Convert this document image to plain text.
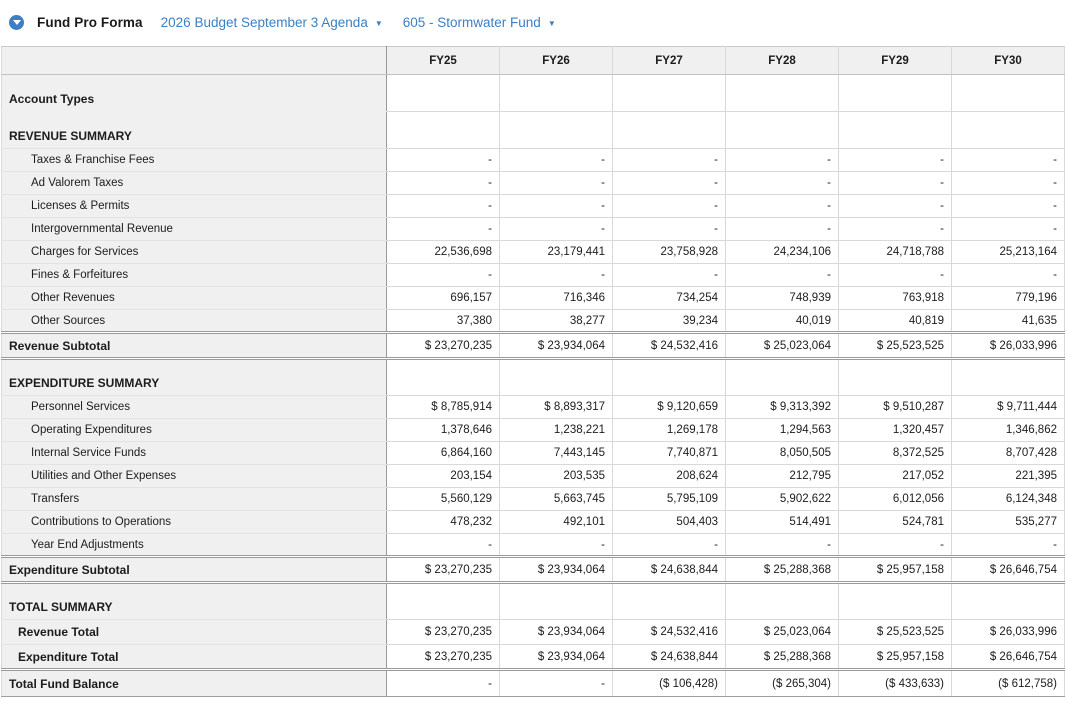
Fund Pro Forma 2026 Budget September 3 Agenda ▼ 605 - Stormwater Fund ▼
	FY25	FY26	FY27	FY28	FY29	FY30
Account Types						
REVENUE SUMMARY						
Taxes & Franchise Fees	-	-	-	-	-	-
Ad Valorem Taxes	-	-	-	-	-	-
Licenses & Permits	-	-	-	-	-	-
Intergovernmental Revenue	-	-	-	-	-	-
Charges for Services	22,536,698	23,179,441	23,758,928	24,234,106	24,718,788	25,213,164
Fines & Forfeitures	-	-	-	-	-	-
Other Revenues	696,157	716,346	734,254	748,939	763,918	779,196
Other Sources	37,380	38,277	39,234	40,019	40,819	41,635
Revenue Subtotal	$ 23,270,235	$ 23,934,064	$ 24,532,416	$ 25,023,064	$ 25,523,525	$ 26,033,996
EXPENDITURE SUMMARY						
Personnel Services	$ 8,785,914	$ 8,893,317	$ 9,120,659	$ 9,313,392	$ 9,510,287	$ 9,711,444
Operating Expenditures	1,378,646	1,238,221	1,269,178	1,294,563	1,320,457	1,346,862
Internal Service Funds	6,864,160	7,443,145	7,740,871	8,050,505	8,372,525	8,707,428
Utilities and Other Expenses	203,154	203,535	208,624	212,795	217,052	221,395
Transfers	5,560,129	5,663,745	5,795,109	5,902,622	6,012,056	6,124,348
Contributions to Operations	478,232	492,101	504,403	514,491	524,781	535,277
Year End Adjustments	-	-	-	-	-	-
Expenditure Subtotal	$ 23,270,235	$ 23,934,064	$ 24,638,844	$ 25,288,368	$ 25,957,158	$ 26,646,754
TOTAL SUMMARY						
Revenue Total	$ 23,270,235	$ 23,934,064	$ 24,532,416	$ 25,023,064	$ 25,523,525	$ 26,033,996
Expenditure Total	$ 23,270,235	$ 23,934,064	$ 24,638,844	$ 25,288,368	$ 25,957,158	$ 26,646,754
Total Fund Balance	-	-	($ 106,428)	($ 265,304)	($ 433,633)	($ 612,758)
